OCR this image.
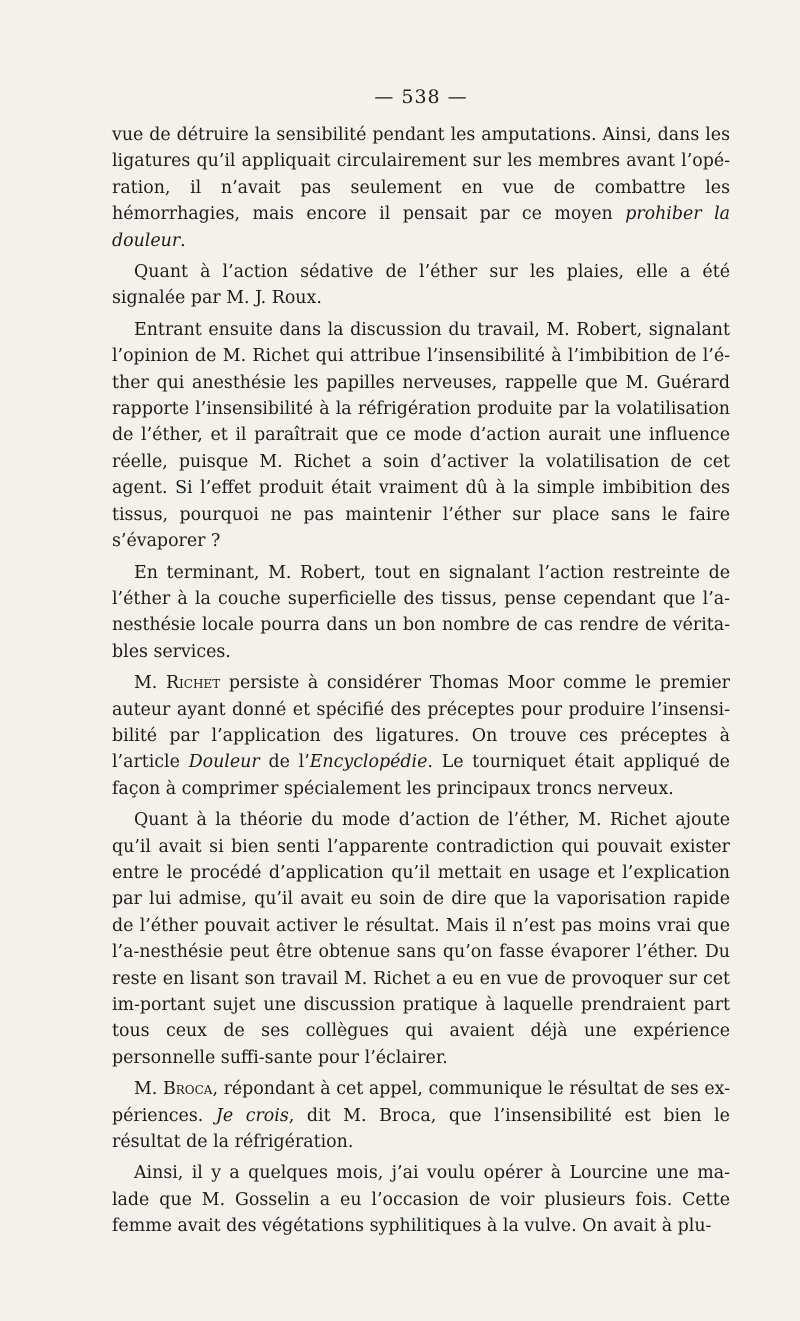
— 538 —

vue de détruire la sensibilité pendant les amputations. Ainsi, dans les ligatures qu’il appliquait circulairement sur les membres avant l’opé-ration, il n’avait pas seulement en vue de combattre les hémorrhagies, mais encore il pensait par ce moyen prohiber la douleur.

Quant à l’action sédative de l’éther sur les plaies, elle a été signalée par M. J. Roux.

Entrant ensuite dans la discussion du travail, M. Robert, signalant l’opinion de M. Richet qui attribue l’insensibilité à l’imbibition de l’é-ther qui anesthésie les papilles nerveuses, rappelle que M. Guérard rapporte l’insensibilité à la réfrigération produite par la volatilisation de l’éther, et il paraîtrait que ce mode d’action aurait une influence réelle, puisque M. Richet a soin d’activer la volatilisation de cet agent. Si l’effet produit était vraiment dû à la simple imbibition des tissus, pourquoi ne pas maintenir l’éther sur place sans le faire s’évaporer ?

En terminant, M. Robert, tout en signalant l’action restreinte de l’éther à la couche superficielle des tissus, pense cependant que l’a-nesthésie locale pourra dans un bon nombre de cas rendre de vérita-bles services.

M. Richet persiste à considérer Thomas Moor comme le premier auteur ayant donné et spécifié des préceptes pour produire l’insensi-bilité par l’application des ligatures. On trouve ces préceptes à l’article Douleur de l’Encyclopédie. Le tourniquet était appliqué de façon à comprimer spécialement les principaux troncs nerveux.

Quant à la théorie du mode d’action de l’éther, M. Richet ajoute qu’il avait si bien senti l’apparente contradiction qui pouvait exister entre le procédé d’application qu’il mettait en usage et l’explication par lui admise, qu’il avait eu soin de dire que la vaporisation rapide de l’éther pouvait activer le résultat. Mais il n’est pas moins vrai que l’a-nesthésie peut être obtenue sans qu’on fasse évaporer l’éther. Du reste en lisant son travail M. Richet a eu en vue de provoquer sur cet im-portant sujet une discussion pratique à laquelle prendraient part tous ceux de ses collègues qui avaient déjà une expérience personnelle suffi-sante pour l’éclairer.

M. Broca, répondant à cet appel, communique le résultat de ses ex-périences. Je crois, dit M. Broca, que l’insensibilité est bien le résultat de la réfrigération.

Ainsi, il y a quelques mois, j’ai voulu opérer à Lourcine une ma-lade que M. Gosselin a eu l’occasion de voir plusieurs fois. Cette femme avait des végétations syphilitiques à la vulve. On avait à plu-
